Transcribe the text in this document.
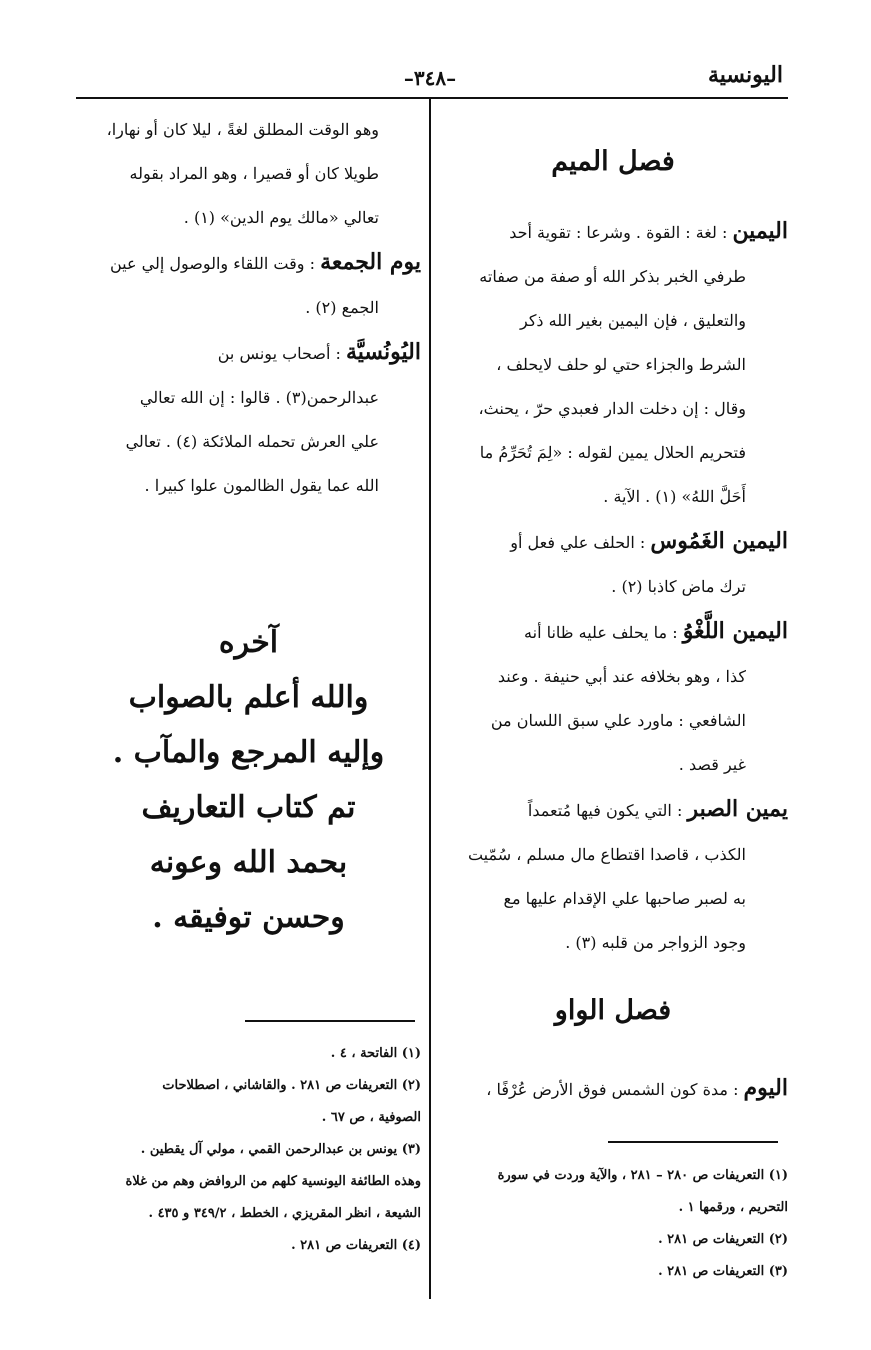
اليونسية
–٣٤٨–
فصل الميم

اليمين : لغة : القوة . وشرعا : تقوية أحد

طرفي الخبر بذكر الله أو صفة من صفاته

والتعليق ، فإن اليمين بغير الله ذكر

الشرط والجزاء حتي لو حلف لايحلف ،

وقال : إن دخلت الدار فعبدي حرّ ، يحنث،

فتحريم الحلال يمين لقوله : «لِمَ تُحَرِّمُ ما

أَحَلَّ اللهُ» (١) . الآية .

اليمين الغَمُوس : الحلف علي فعل أو

ترك ماض كاذبا (٢) .

اليمين اللَّغْوُ : ما يحلف عليه ظانا أنه

كذا ، وهو بخلافه عند أبي حنيفة . وعند

الشافعي : ماورد علي سبق اللسان من

غير قصد .

يمين الصبر : التي يكون فيها مُتعمداً

الكذب ، قاصدا اقتطاع مال مسلم ، سُمّيت

به لصبر صاحبها علي الإقدام عليها مع

وجود الزواجر من قلبه (٣) .

فصل الواو

اليوم : مدة كون الشمس فوق الأرض عُرْفًا ،

وهو الوقت المطلق لغةً ، ليلا كان أو نهارا،

طويلا كان أو قصيرا ، وهو المراد بقوله

تعالي «مالك يوم الدين» (١) .

يوم الجمعة : وقت اللقاء والوصول إلي عين

الجمع (٢) .

اليُونُسيَّة : أصحاب يونس بن

عبدالرحمن(٣) . قالوا : إن الله تعالي

علي العرش تحمله الملائكة (٤) . تعالي

الله عما يقول الظالمون علوا كبيرا .

آخره
والله أعلم بالصواب
وإليه المرجع والمآب .
تم كتاب التعاريف
بحمد الله وعونه
وحسن توفيقه .

(١) الفاتحة ، ٤ .

(٢) التعريفات ص ٢٨١ . والقاشاني ، اصطلاحات

الصوفية ، ص ٦٧ .

(٣) يونس بن عبدالرحمن القمي ، مولي آل يقطين .

وهذه الطائفة اليونسية كلهم من الروافض وهم من غلاة

الشيعة ، انظر المقريزي ، الخطط ، ٣٤٩/٢ و ٤٣٥ .

(٤) التعريفات ص ٢٨١ .

(١) التعريفات ص ٢٨٠ – ٢٨١ ، والآية وردت في سورة

التحريم ، ورقمها ١ .

(٢) التعريفات ص ٢٨١ .

(٣) التعريفات ص ٢٨١ .
